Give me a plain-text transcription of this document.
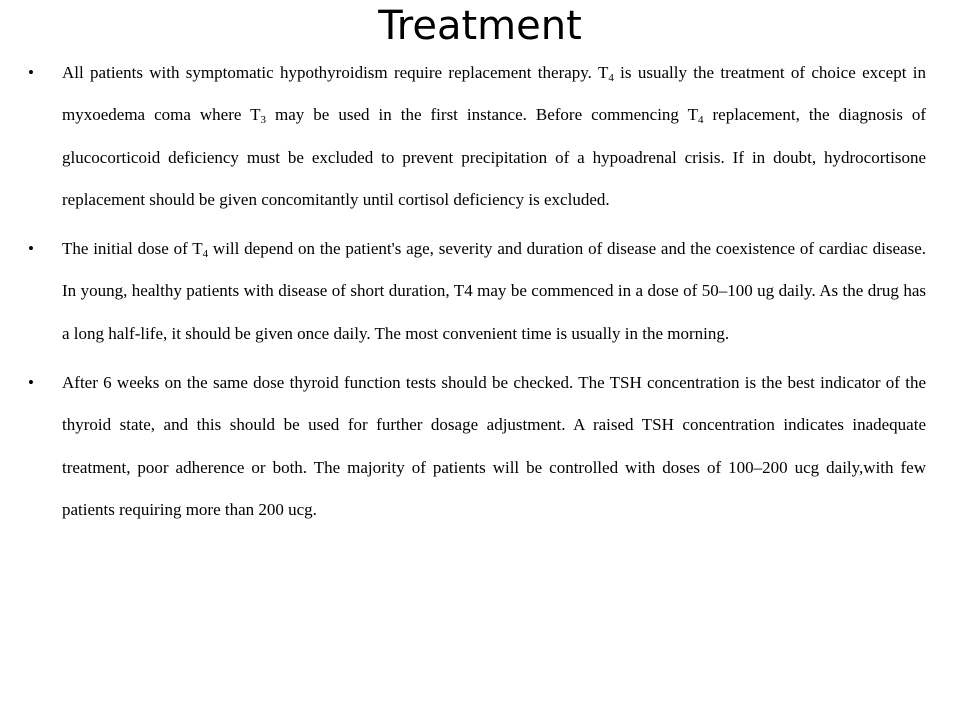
Treatment
• All patients with symptomatic hypothyroidism require replacement therapy. $T_4$ is usually the treatment of choice except in myxoedema coma where $T_3$ may be used in the first instance. Before commencing $T_4$ replacement, the diagnosis of glucocorticoid deficiency must be excluded to prevent precipitation of a hypoadrenal crisis. If in doubt, hydrocortisone replacement should be given concomitantly until cortisol deficiency is excluded.
• The initial dose of $T_4$ will depend on the patient's age, severity and duration of disease and the coexistence of cardiac disease. In young, healthy patients with disease of short duration, T4 may be commenced in a dose of 50–100 ug daily. As the drug has a long half-life, it should be given once daily. The most convenient time is usually in the morning.
• After 6 weeks on the same dose thyroid function tests should be checked. The TSH concentration is the best indicator of the thyroid state, and this should be used for further dosage adjustment. A raised TSH concentration indicates inadequate treatment, poor adherence or both. The majority of patients will be controlled with doses of 100–200 ucg daily,with few patients requiring more than 200 ucg.
